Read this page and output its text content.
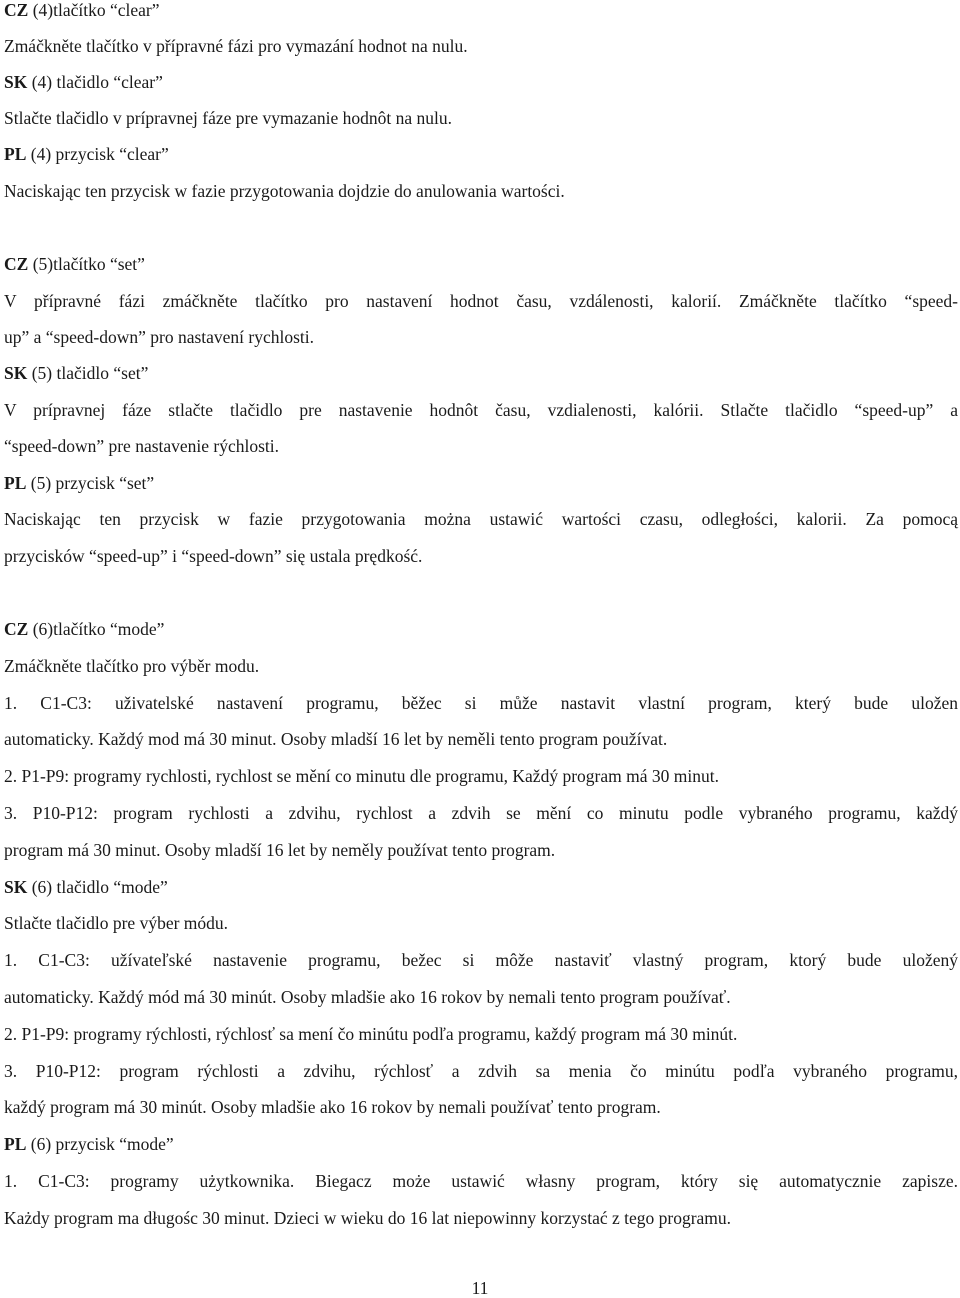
CZ (4)tlačítko “clear”
Zmáčkněte tlačítko v přípravné fázi pro vymazání hodnot na nulu.
SK (4) tlačidlo “clear”
Stlačte tlačidlo v prípravnej fáze pre vymazanie hodnôt na nulu.
PL (4) przycisk “clear”
Naciskając ten przycisk w fazie przygotowania dojdzie do anulowania wartości.
CZ (5)tlačítko “set”
V přípravné fázi zmáčkněte tlačítko pro nastavení hodnot času, vzdálenosti, kalorií. Zmáčkněte tlačítko “speed-
up” a “speed-down” pro nastavení rychlosti.
SK (5) tlačidlo “set”
V prípravnej fáze stlačte tlačidlo pre nastavenie hodnôt času, vzdialenosti, kalórii. Stlačte tlačidlo “speed-up” a
“speed-down” pre nastavenie rýchlosti.
PL (5) przycisk “set”
Naciskając ten przycisk w fazie przygotowania można ustawić wartości czasu, odległości, kalorii. Za pomocą
przycisków “speed-up” i “speed-down” się ustala prędkość.
CZ (6)tlačítko “mode”
Zmáčkněte tlačítko pro výběr modu.
1. C1-C3: uživatelské nastavení programu, běžec si může nastavit vlastní program, který bude uložen
automaticky. Každý mod má 30 minut. Osoby mladší 16 let by neměli tento program používat.
2. P1-P9: programy rychlosti, rychlost se mění co minutu dle programu, Každý program má 30 minut.
3. P10-P12: program rychlosti a zdvihu, rychlost a zdvih se mění co minutu podle vybraného programu, každý
program má 30 minut. Osoby mladší 16 let by neměly používat tento program.
SK (6) tlačidlo “mode”
Stlačte tlačidlo pre výber módu.
1. C1-C3: užívateľské nastavenie programu, bežec si môže nastaviť vlastný program, ktorý bude uložený
automaticky. Každý mód má 30 minút. Osoby mladšie ako 16 rokov by nemali tento program používať.
2. P1-P9: programy rýchlosti, rýchlosť sa mení čo minútu podľa programu, každý program má 30 minút.
3. P10-P12: program rýchlosti a zdvihu, rýchlosť a zdvih sa menia čo minútu podľa vybraného programu,
každý program má 30 minút. Osoby mladšie ako 16 rokov by nemali používať tento program.
PL (6) przycisk “mode”
1. C1-C3: programy użytkownika. Biegacz może ustawić własny program, który się automatycznie zapisze.
Każdy program ma długośc 30 minut. Dzieci w wieku do 16 lat niepowinny korzystać z tego programu.
11
